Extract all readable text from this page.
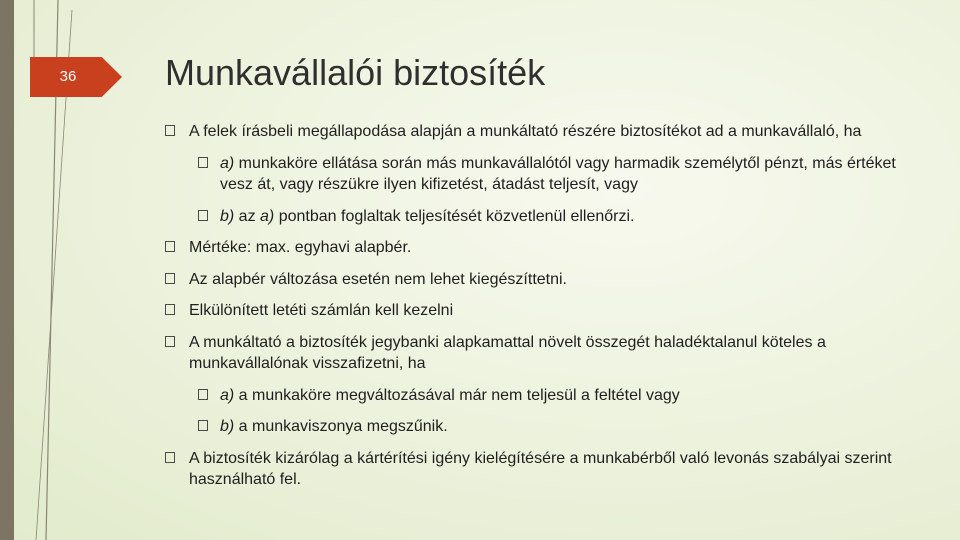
36	Munkavállalói biztosíték
A felek írásbeli megállapodása alapján a munkáltató részére biztosítékot ad a munkavállaló, ha
a) munkaköre ellátása során más munkavállalótól vagy harmadik személytől pénzt, más értéket vesz át, vagy részükre ilyen kifizetést, átadást teljesít, vagy
b) az a) pontban foglaltak teljesítését közvetlenül ellenőrzi.
Mértéke: max. egyhavi alapbér.
Az alapbér változása esetén nem lehet kiegészíttetni.
Elkülönített letéti számlán kell kezelni
A munkáltató a biztosíték jegybanki alapkamattal növelt összegét haladéktalanul köteles a munkavállalónak visszafizetni, ha
a) a munkaköre megváltozásával már nem teljesül a feltétel vagy
b) a munkaviszonya megszűnik.
A biztosíték kizárólag a kártérítési igény kielégítésére a munkabérből való levonás szabályai szerint használható fel.
